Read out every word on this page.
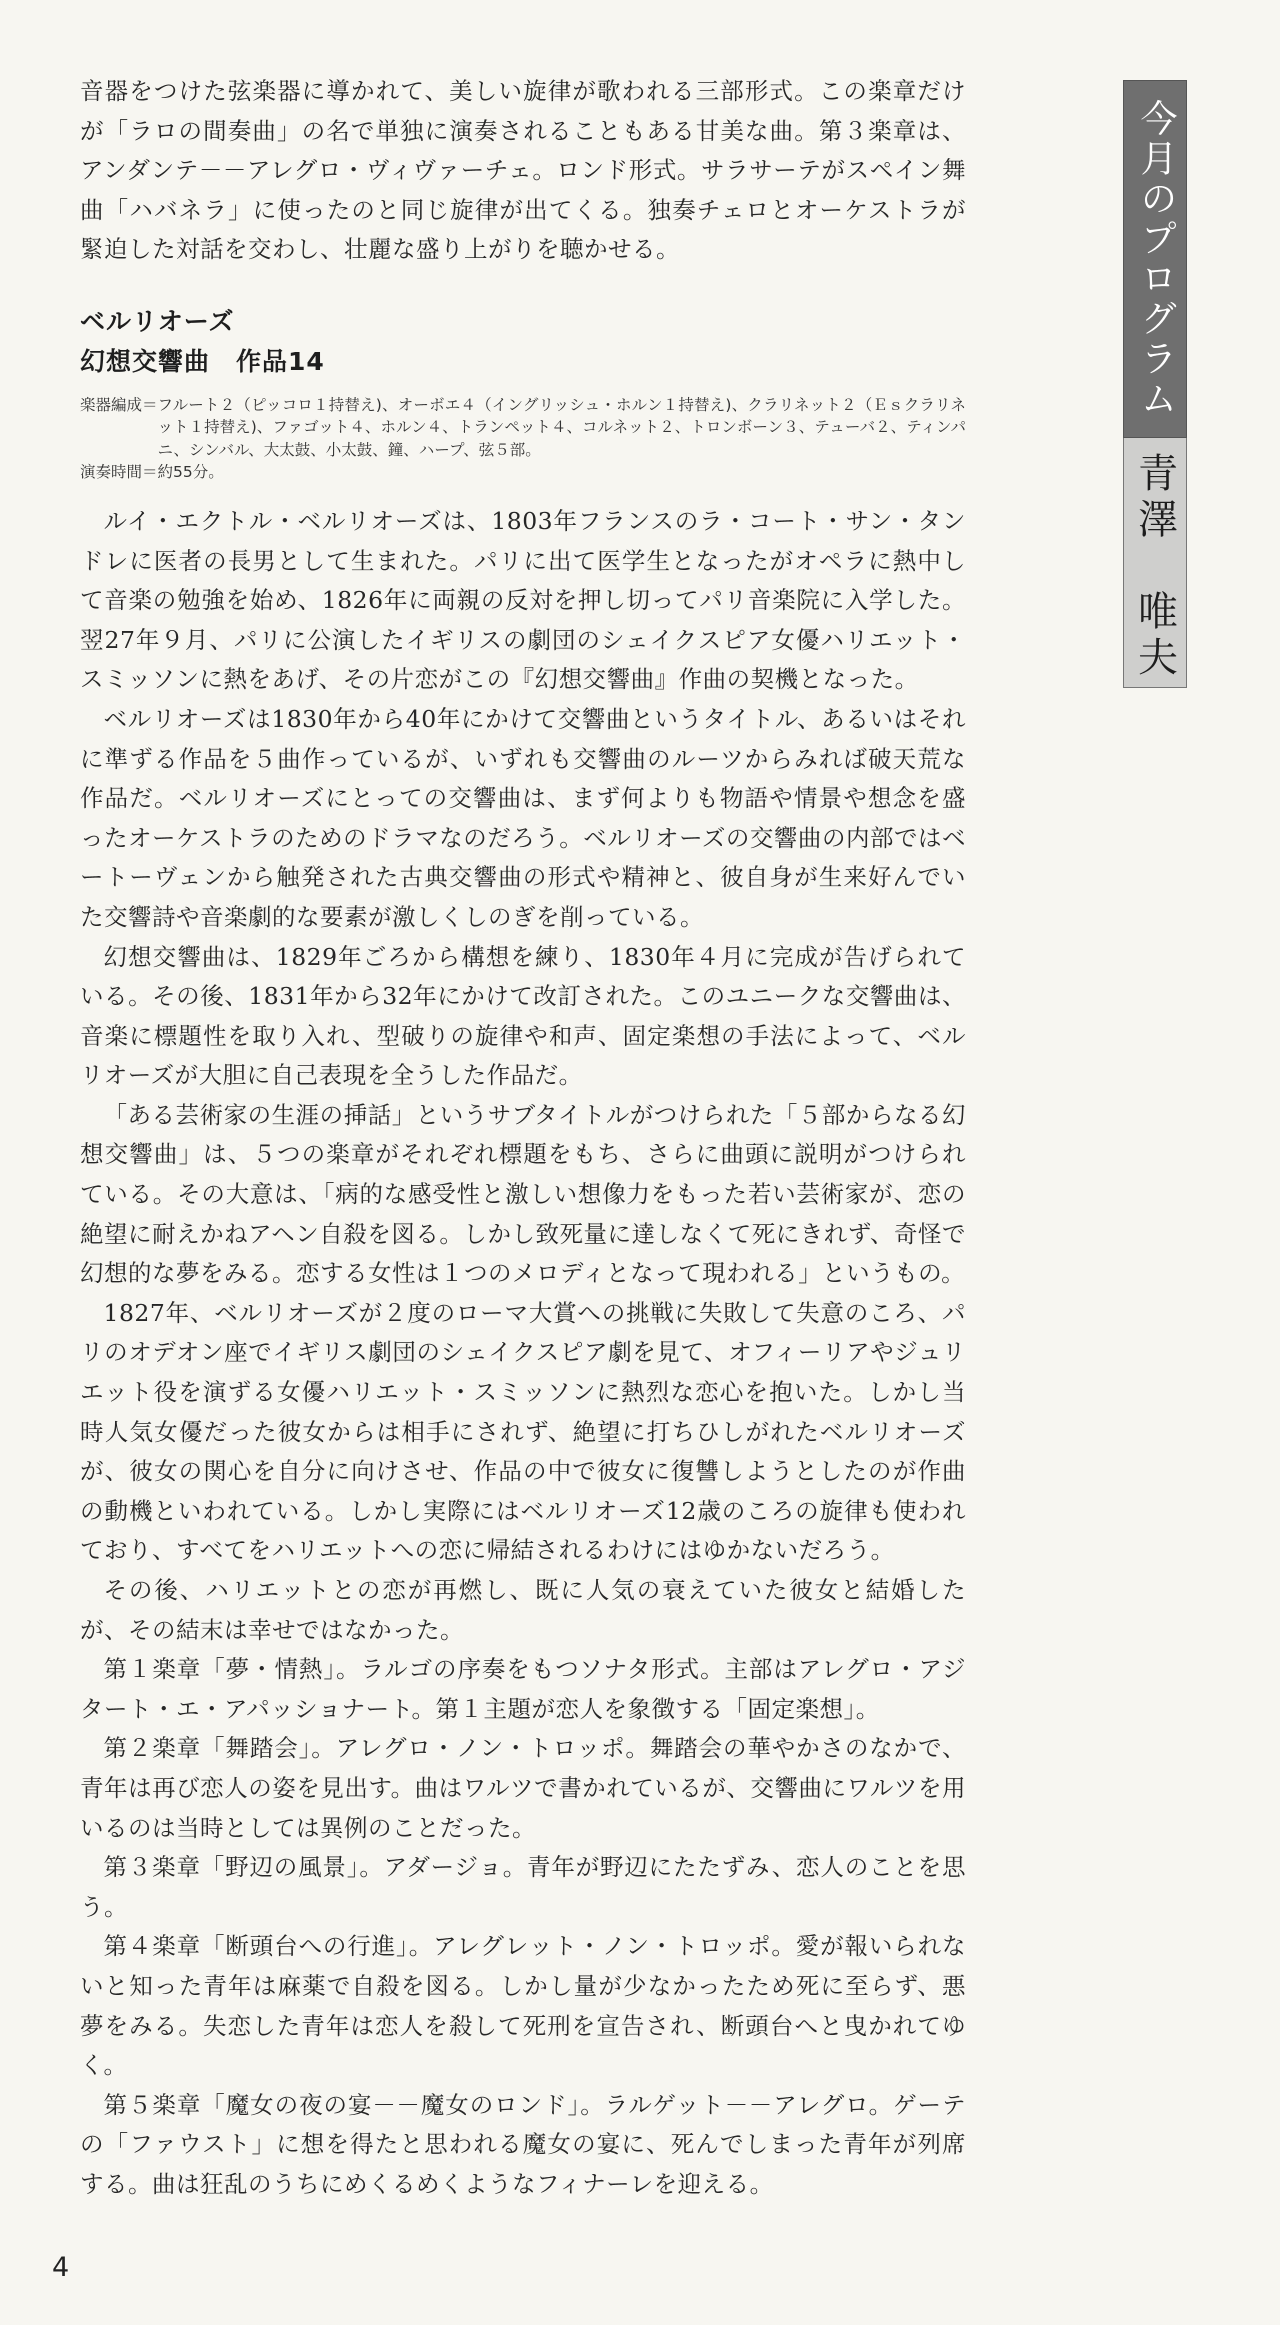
音器をつけた弦楽器に導かれて、美しい旋律が歌われる三部形式。この楽章だけが「ラロの間奏曲」の名で単独に演奏されることもある甘美な曲。第３楽章は、アンダンテ－－アレグロ・ヴィヴァーチェ。ロンド形式。サラサーテがスペイン舞曲「ハバネラ」に使ったのと同じ旋律が出てくる。独奏チェロとオーケストラが緊迫した対話を交わし、壮麗な盛り上がりを聴かせる。

ベルリオーズ
幻想交響曲　作品14
楽器編成＝ フルート２（ピッコロ１持替え)、オーボエ４（イングリッシュ・ホルン１持替え)、クラリネット２（Ｅｓクラリネット１持替え)、ファゴット４、ホルン４、トランペット４、コルネット２、トロンボーン３、テューバ２、ティンパニ、シンバル、大太鼓、小太鼓、鐘、ハープ、弦５部。
演奏時間＝約55分。

ルイ・エクトル・ベルリオーズは、1803年フランスのラ・コート・サン・タンドレに医者の長男として生まれた。パリに出て医学生となったがオペラに熱中して音楽の勉強を始め、1826年に両親の反対を押し切ってパリ音楽院に入学した。翌27年９月、パリに公演したイギリスの劇団のシェイクスピア女優ハリエット・スミッソンに熱をあげ、その片恋がこの『幻想交響曲』作曲の契機となった。

ベルリオーズは1830年から40年にかけて交響曲というタイトル、あるいはそれに準ずる作品を５曲作っているが、いずれも交響曲のルーツからみれば破天荒な作品だ。ベルリオーズにとっての交響曲は、まず何よりも物語や情景や想念を盛ったオーケストラのためのドラマなのだろう。ベルリオーズの交響曲の内部ではベートーヴェンから触発された古典交響曲の形式や精神と、彼自身が生来好んでいた交響詩や音楽劇的な要素が激しくしのぎを削っている。

幻想交響曲は、1829年ごろから構想を練り、1830年４月に完成が告げられている。その後、1831年から32年にかけて改訂された。このユニークな交響曲は、音楽に標題性を取り入れ、型破りの旋律や和声、固定楽想の手法によって、ベルリオーズが大胆に自己表現を全うした作品だ。

「ある芸術家の生涯の挿話」というサブタイトルがつけられた「５部からなる幻想交響曲」は、５つの楽章がそれぞれ標題をもち、さらに曲頭に説明がつけられている。その大意は、「病的な感受性と激しい想像力をもった若い芸術家が、恋の絶望に耐えかねアヘン自殺を図る。しかし致死量に達しなくて死にきれず、奇怪で幻想的な夢をみる。恋する女性は１つのメロディとなって現われる」というもの。

1827年、ベルリオーズが２度のローマ大賞への挑戦に失敗して失意のころ、パリのオデオン座でイギリス劇団のシェイクスピア劇を見て、オフィーリアやジュリエット役を演ずる女優ハリエット・スミッソンに熱烈な恋心を抱いた。しかし当時人気女優だった彼女からは相手にされず、絶望に打ちひしがれたベルリオーズが、彼女の関心を自分に向けさせ、作品の中で彼女に復讐しようとしたのが作曲の動機といわれている。しかし実際にはベルリオーズ12歳のころの旋律も使われており、すべてをハリエットへの恋に帰結されるわけにはゆかないだろう。

その後、ハリエットとの恋が再燃し、既に人気の衰えていた彼女と結婚したが、その結末は幸せではなかった。

第１楽章「夢・情熱」。ラルゴの序奏をもつソナタ形式。主部はアレグロ・アジタート・エ・アパッショナート。第１主題が恋人を象徴する「固定楽想」。

第２楽章「舞踏会」。アレグロ・ノン・トロッポ。舞踏会の華やかさのなかで、青年は再び恋人の姿を見出す。曲はワルツで書かれているが、交響曲にワルツを用いるのは当時としては異例のことだった。

第３楽章「野辺の風景」。アダージョ。青年が野辺にたたずみ、恋人のことを思う。

第４楽章「断頭台への行進」。アレグレット・ノン・トロッポ。愛が報いられないと知った青年は麻薬で自殺を図る。しかし量が少なかったため死に至らず、悪夢をみる。失恋した青年は恋人を殺して死刑を宣告され、断頭台へと曳かれてゆく。

第５楽章「魔女の夜の宴－－魔女のロンド」。ラルゲット－－アレグロ。ゲーテの「ファウスト」に想を得たと思われる魔女の宴に、死んでしまった青年が列席する。曲は狂乱のうちにめくるめくようなフィナーレを迎える。

今月のプログラム
青澤　唯夫
4
